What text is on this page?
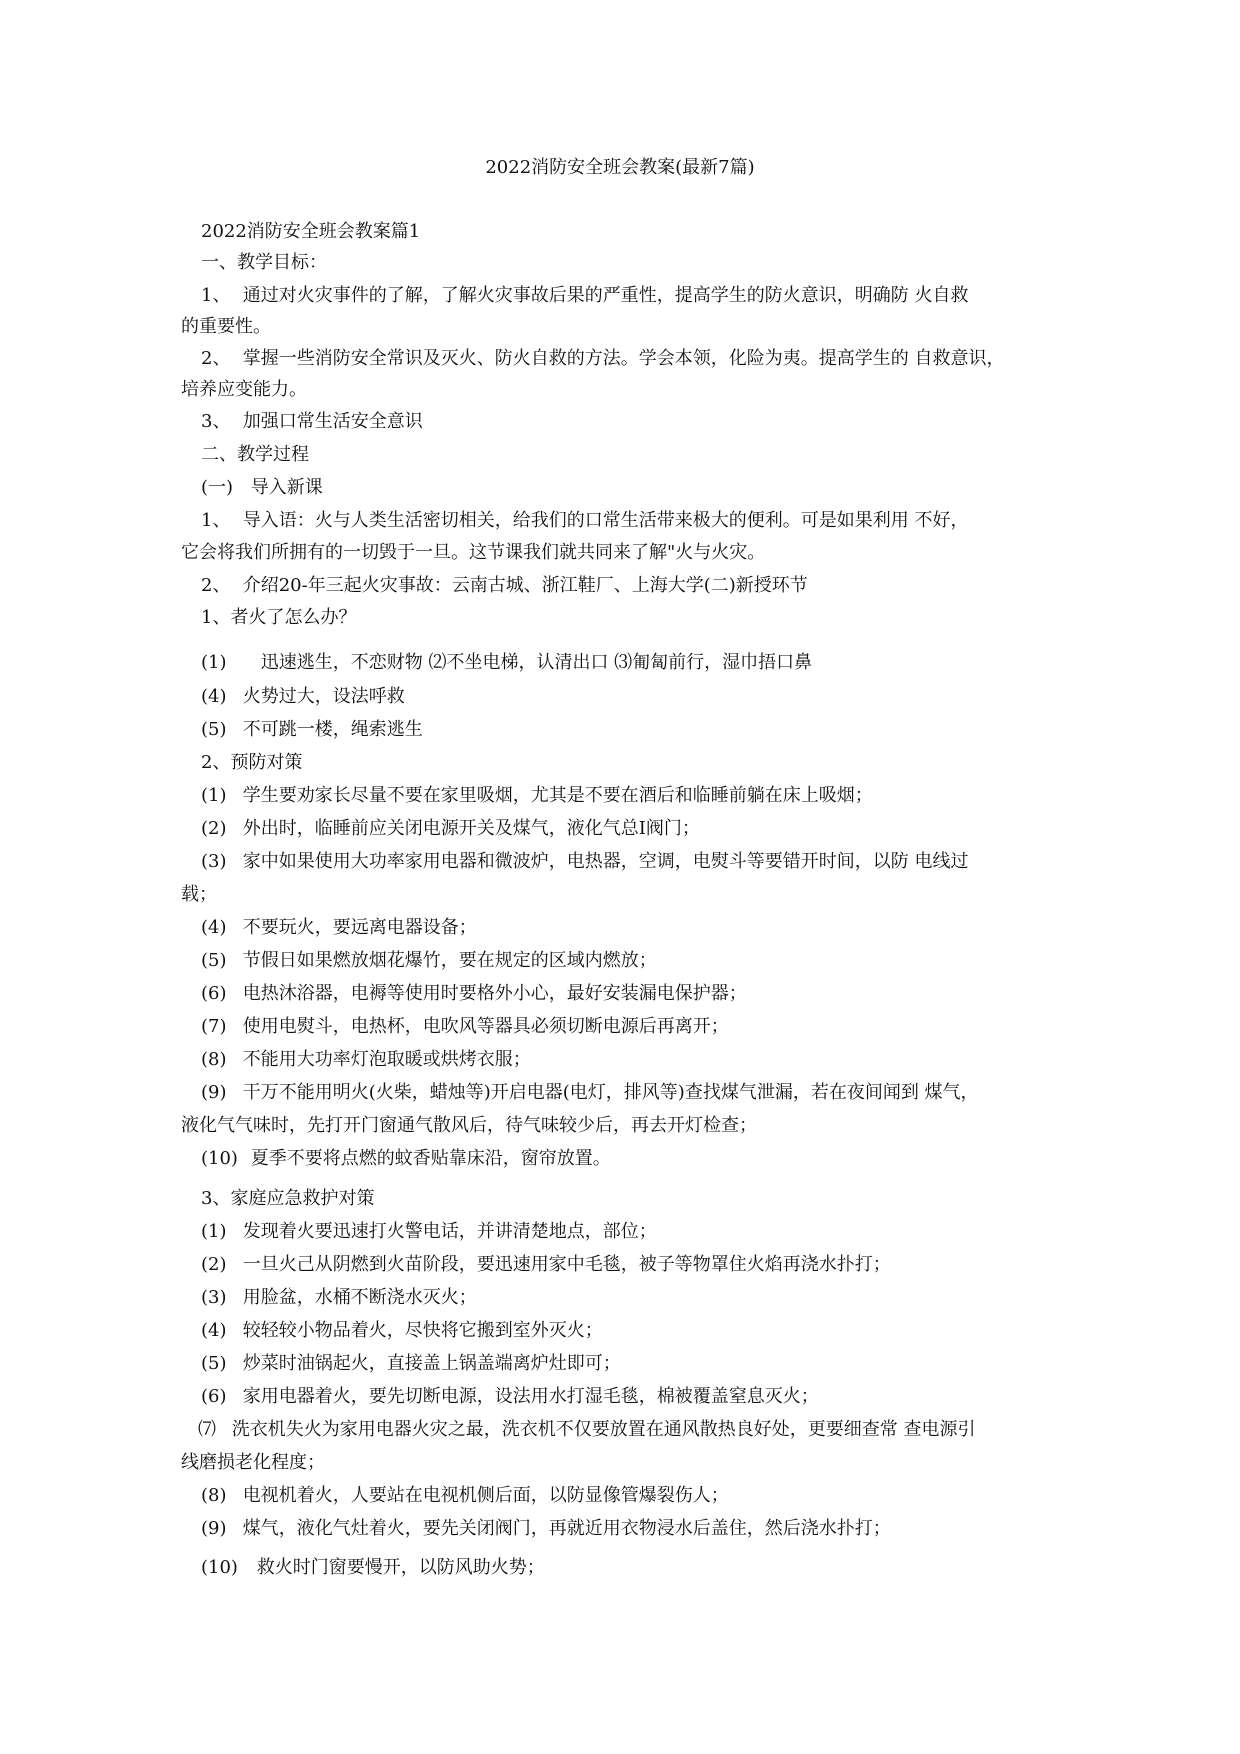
2022消防安全班会教案(最新7篇)
2022消防安全班会教案篇1
一、教学目标：
1、 通过对火灾事件的了解，了解火灾事故后果的严重性，提高学生的防火意识，明确防 火自救
的重要性。
2、 掌握一些消防安全常识及灭火、防火自救的方法。学会本领，化险为夷。提高学生的 自救意识，
培养应变能力。
3、 加强口常生活安全意识
二、教学过程
(一) 导入新课
1、 导入语：火与人类生活密切相关，给我们的口常生活带来极大的便利。可是如果利用 不好，
它会将我们所拥有的一切毁于一旦。这节课我们就共同来了解"火与火灾。
2、 介绍20-年三起火灾事故：云南古城、浙江鞋厂、上海大学(二)新授环节
1、者火了怎么办？
(1) 迅速逃生，不恋财物 ⑵不坐电梯，认清出口 ⑶匍匐前行，湿巾捂口鼻
(4) 火势过大，设法呼救
(5) 不可跳一楼，绳索逃生
2、预防对策
(1) 学生要劝家长尽量不要在家里吸烟，尤其是不要在酒后和临睡前躺在床上吸烟；
(2) 外出时，临睡前应关闭电源开关及煤气，液化气总I阀门；
(3) 家中如果使用大功率家用电器和微波炉，电热器，空调，电熨斗等要错开时间，以防 电线过
载；
(4) 不要玩火，要远离电器设备；
(5) 节假日如果燃放烟花爆竹，要在规定的区域内燃放；
(6) 电热沐浴器，电褥等使用时要格外小心，最好安装漏电保护器；
(7) 使用电熨斗，电热杯，电吹风等器具必须切断电源后再离开；
(8) 不能用大功率灯泡取暖或烘烤衣服；
(9) 干万不能用明火(火柴，蜡烛等)开启电器(电灯，排风等)查找煤气泄漏，若在夜间闻到 煤气，
液化气气味时，先打开门窗通气散风后，待气味较少后，再去开灯检查；
(10) 夏季不要将点燃的蚊香贴靠床沿，窗帘放置。
3、家庭应急救护对策
(1) 发现着火要迅速打火警电话，并讲清楚地点，部位；
(2) 一旦火己从阴燃到火苗阶段，要迅速用家中毛毯，被子等物罩住火焰再浇水扑打；
(3) 用脸盆，水桶不断浇水灭火；
(4) 较轻较小物品着火，尽快将它搬到室外灭火；
(5) 炒菜时油锅起火，直接盖上锅盖端离炉灶即可；
(6) 家用电器着火，要先切断电源，设法用水打湿毛毯，棉被覆盖窒息灭火；
⑺ 洗衣机失火为家用电器火灾之最，洗衣机不仅要放置在通风散热良好处，更要细查常 查电源引
线磨损老化程度；
(8) 电视机着火，人要站在电视机侧后面，以防显像管爆裂伤人；
(9) 煤气，液化气灶着火，要先关闭阀门，再就近用衣物浸水后盖住，然后浇水扑打；
(10) 救火时门窗要慢开，以防风助火势；
